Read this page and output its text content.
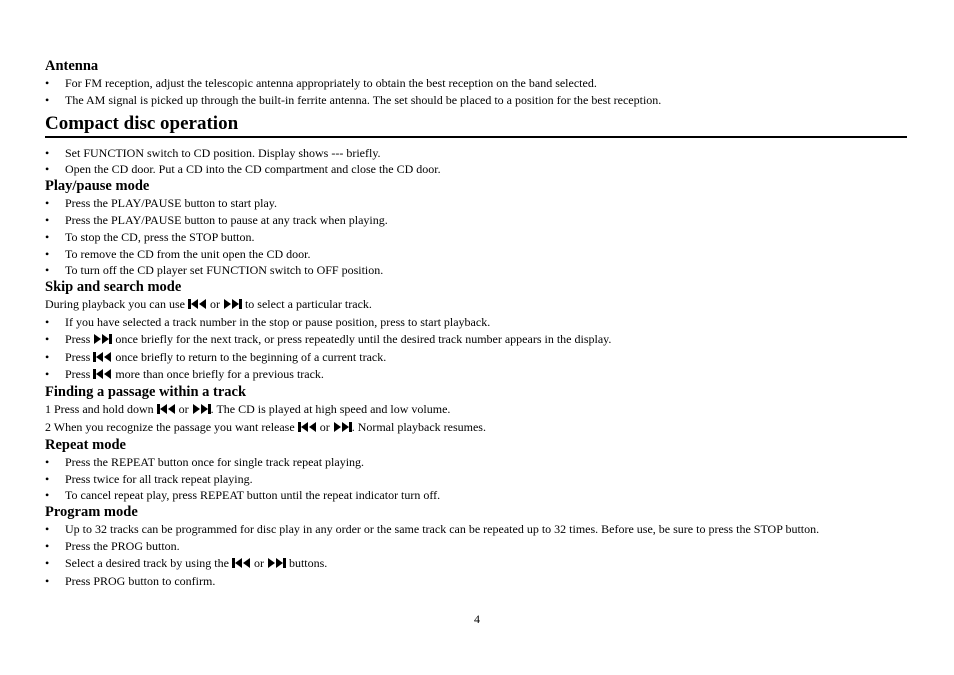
Antenna
• For FM reception, adjust the telescopic antenna appropriately to obtain the best reception on the band selected.
• The AM signal is picked up through the built-in ferrite antenna. The set should be placed to a position for the best reception.
Compact disc operation
• Set FUNCTION switch to CD position. Display shows --- briefly.
• Open the CD door. Put a CD into the CD compartment and close the CD door.
Play/pause mode
• Press the PLAY/PAUSE button to start play.
• Press the PLAY/PAUSE button to pause at any track when playing.
• To stop the CD, press the STOP button.
• To remove the CD from the unit open the CD door.
• To turn off the CD player set FUNCTION switch to OFF position.
Skip and search mode

During playback you can use  or  to select a particular track.

• If you have selected a track number in the stop or pause position, press to start playback.
• Press  once briefly for the next track, or press repeatedly until the desired track number appears in the display.
• Press  once briefly to return to the beginning of a current track.
• Press  more than once briefly for a previous track.
Finding a passage within a track

1 Press and hold down  or . The CD is played at high speed and low volume.

2 When you recognize the passage you want release  or . Normal playback resumes.

Repeat mode
• Press the REPEAT button once for single track repeat playing.
• Press twice for all track repeat playing.
• To cancel repeat play, press REPEAT button until the repeat indicator turn off.
Program mode
• Up to 32 tracks can be programmed for disc play in any order or the same track can be repeated up to 32 times. Before use, be sure to press the STOP button.
• Press the PROG button.
• Select a desired track by using the  or  buttons.
• Press PROG button to confirm.
4
